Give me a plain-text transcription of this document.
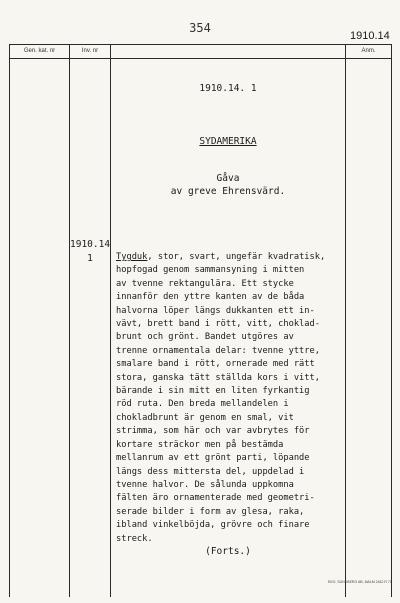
354
1910.14
Gen. kat. nr	Inv. nr	Anm.
1910.14. 1
SYDAMERIKA
Gåva
av greve Ehrensvärd.
1910.14
1	Tygduk, stor, svart, ungefär kvadratisk,
hopfogad genom sammansyning i mitten
av tvenne rektangulära. Ett stycke
innanför den yttre kanten av de båda
halvorna löper längs dukkanten ett in-
vävt, brett band i rött, vitt, choklad-
brunt och grönt. Bandet utgöres av
trenne ornamentala delar: tvenne yttre,
smalare band i rött, ornerade med rätt
stora, ganska tätt ställda kors i vitt,
bärande i sin mitt en liten fyrkantig
röd ruta. Den breda mellandelen i
chokladbrunt är genom en smal, vit
strimma, som här och var avbrytes för
kortare sträckor men på bestämda
mellanrum av ett grönt parti, löpande
längs dess mittersta del, uppdelad i
tvenne halvor. De sålunda uppkomna
fälten äro ornamenterade med geometri-
serade bilder i form av glesa, raka,
ibland vinkelböjda, grövre och finare
streck.
(Forts.)
EKO. SUNDBERG AB, MALM 2442 R 71
